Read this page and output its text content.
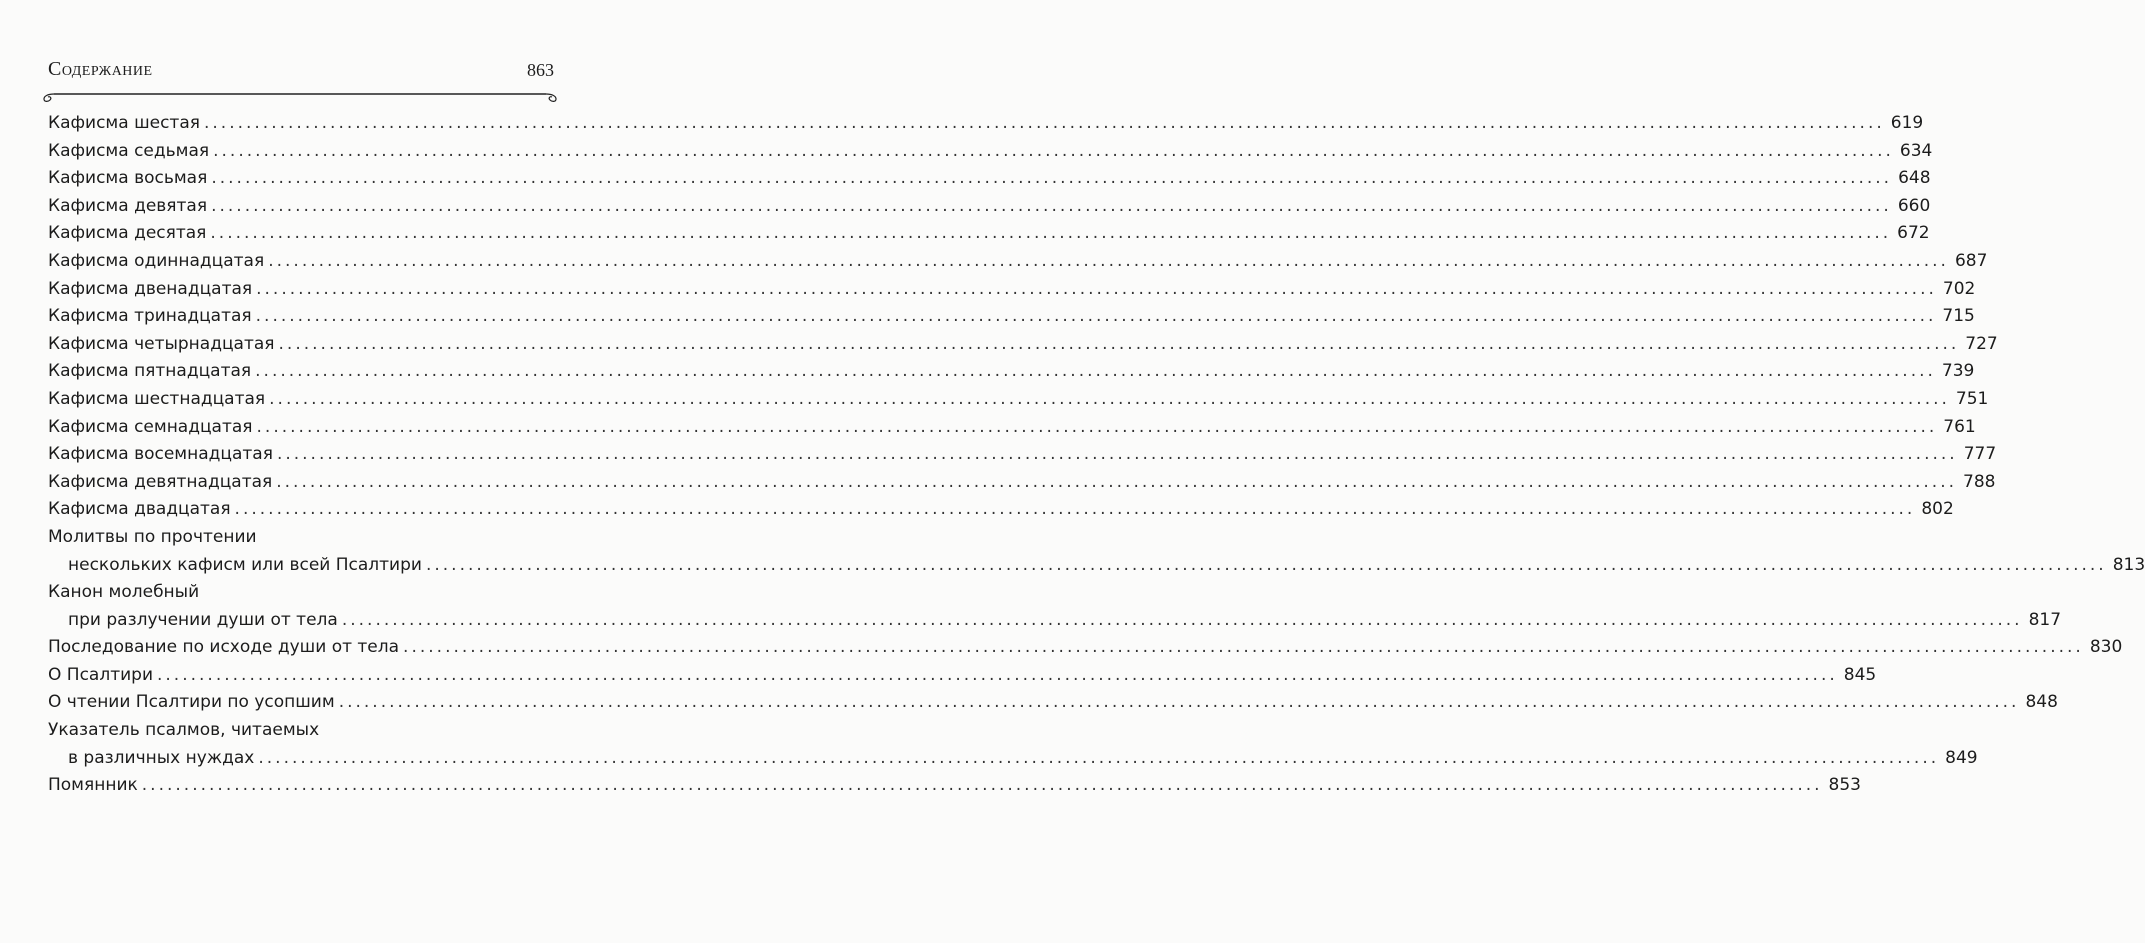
Содержание	863
Кафисма шестая ........................................................................................................................................................................................................ 619
Кафисма седьмая ........................................................................................................................................................................................................ 634
Кафисма восьмая ........................................................................................................................................................................................................ 648
Кафисма девятая ........................................................................................................................................................................................................ 660
Кафисма десятая ........................................................................................................................................................................................................ 672
Кафисма одиннадцатая ........................................................................................................................................................................................................ 687
Кафисма двенадцатая ........................................................................................................................................................................................................ 702
Кафисма тринадцатая ........................................................................................................................................................................................................ 715
Кафисма четырнадцатая ........................................................................................................................................................................................................ 727
Кафисма пятнадцатая ........................................................................................................................................................................................................ 739
Кафисма шестнадцатая ........................................................................................................................................................................................................ 751
Кафисма семнадцатая ........................................................................................................................................................................................................ 761
Кафисма восемнадцатая ........................................................................................................................................................................................................ 777
Кафисма девятнадцатая ........................................................................................................................................................................................................ 788
Кафисма двадцатая ........................................................................................................................................................................................................ 802
Молитвы по прочтении
нескольких кафисм или всей Псалтири ........................................................................................................................................................................................................ 813
Канон молебный
при разлучении души от тела ........................................................................................................................................................................................................ 817
Последование по исходе души от тела ........................................................................................................................................................................................................ 830
О Псалтири ........................................................................................................................................................................................................ 845
О чтении Псалтири по усопшим ........................................................................................................................................................................................................ 848
Указатель псалмов, читаемых
в различных нуждах ........................................................................................................................................................................................................ 849
Помянник ........................................................................................................................................................................................................ 853
